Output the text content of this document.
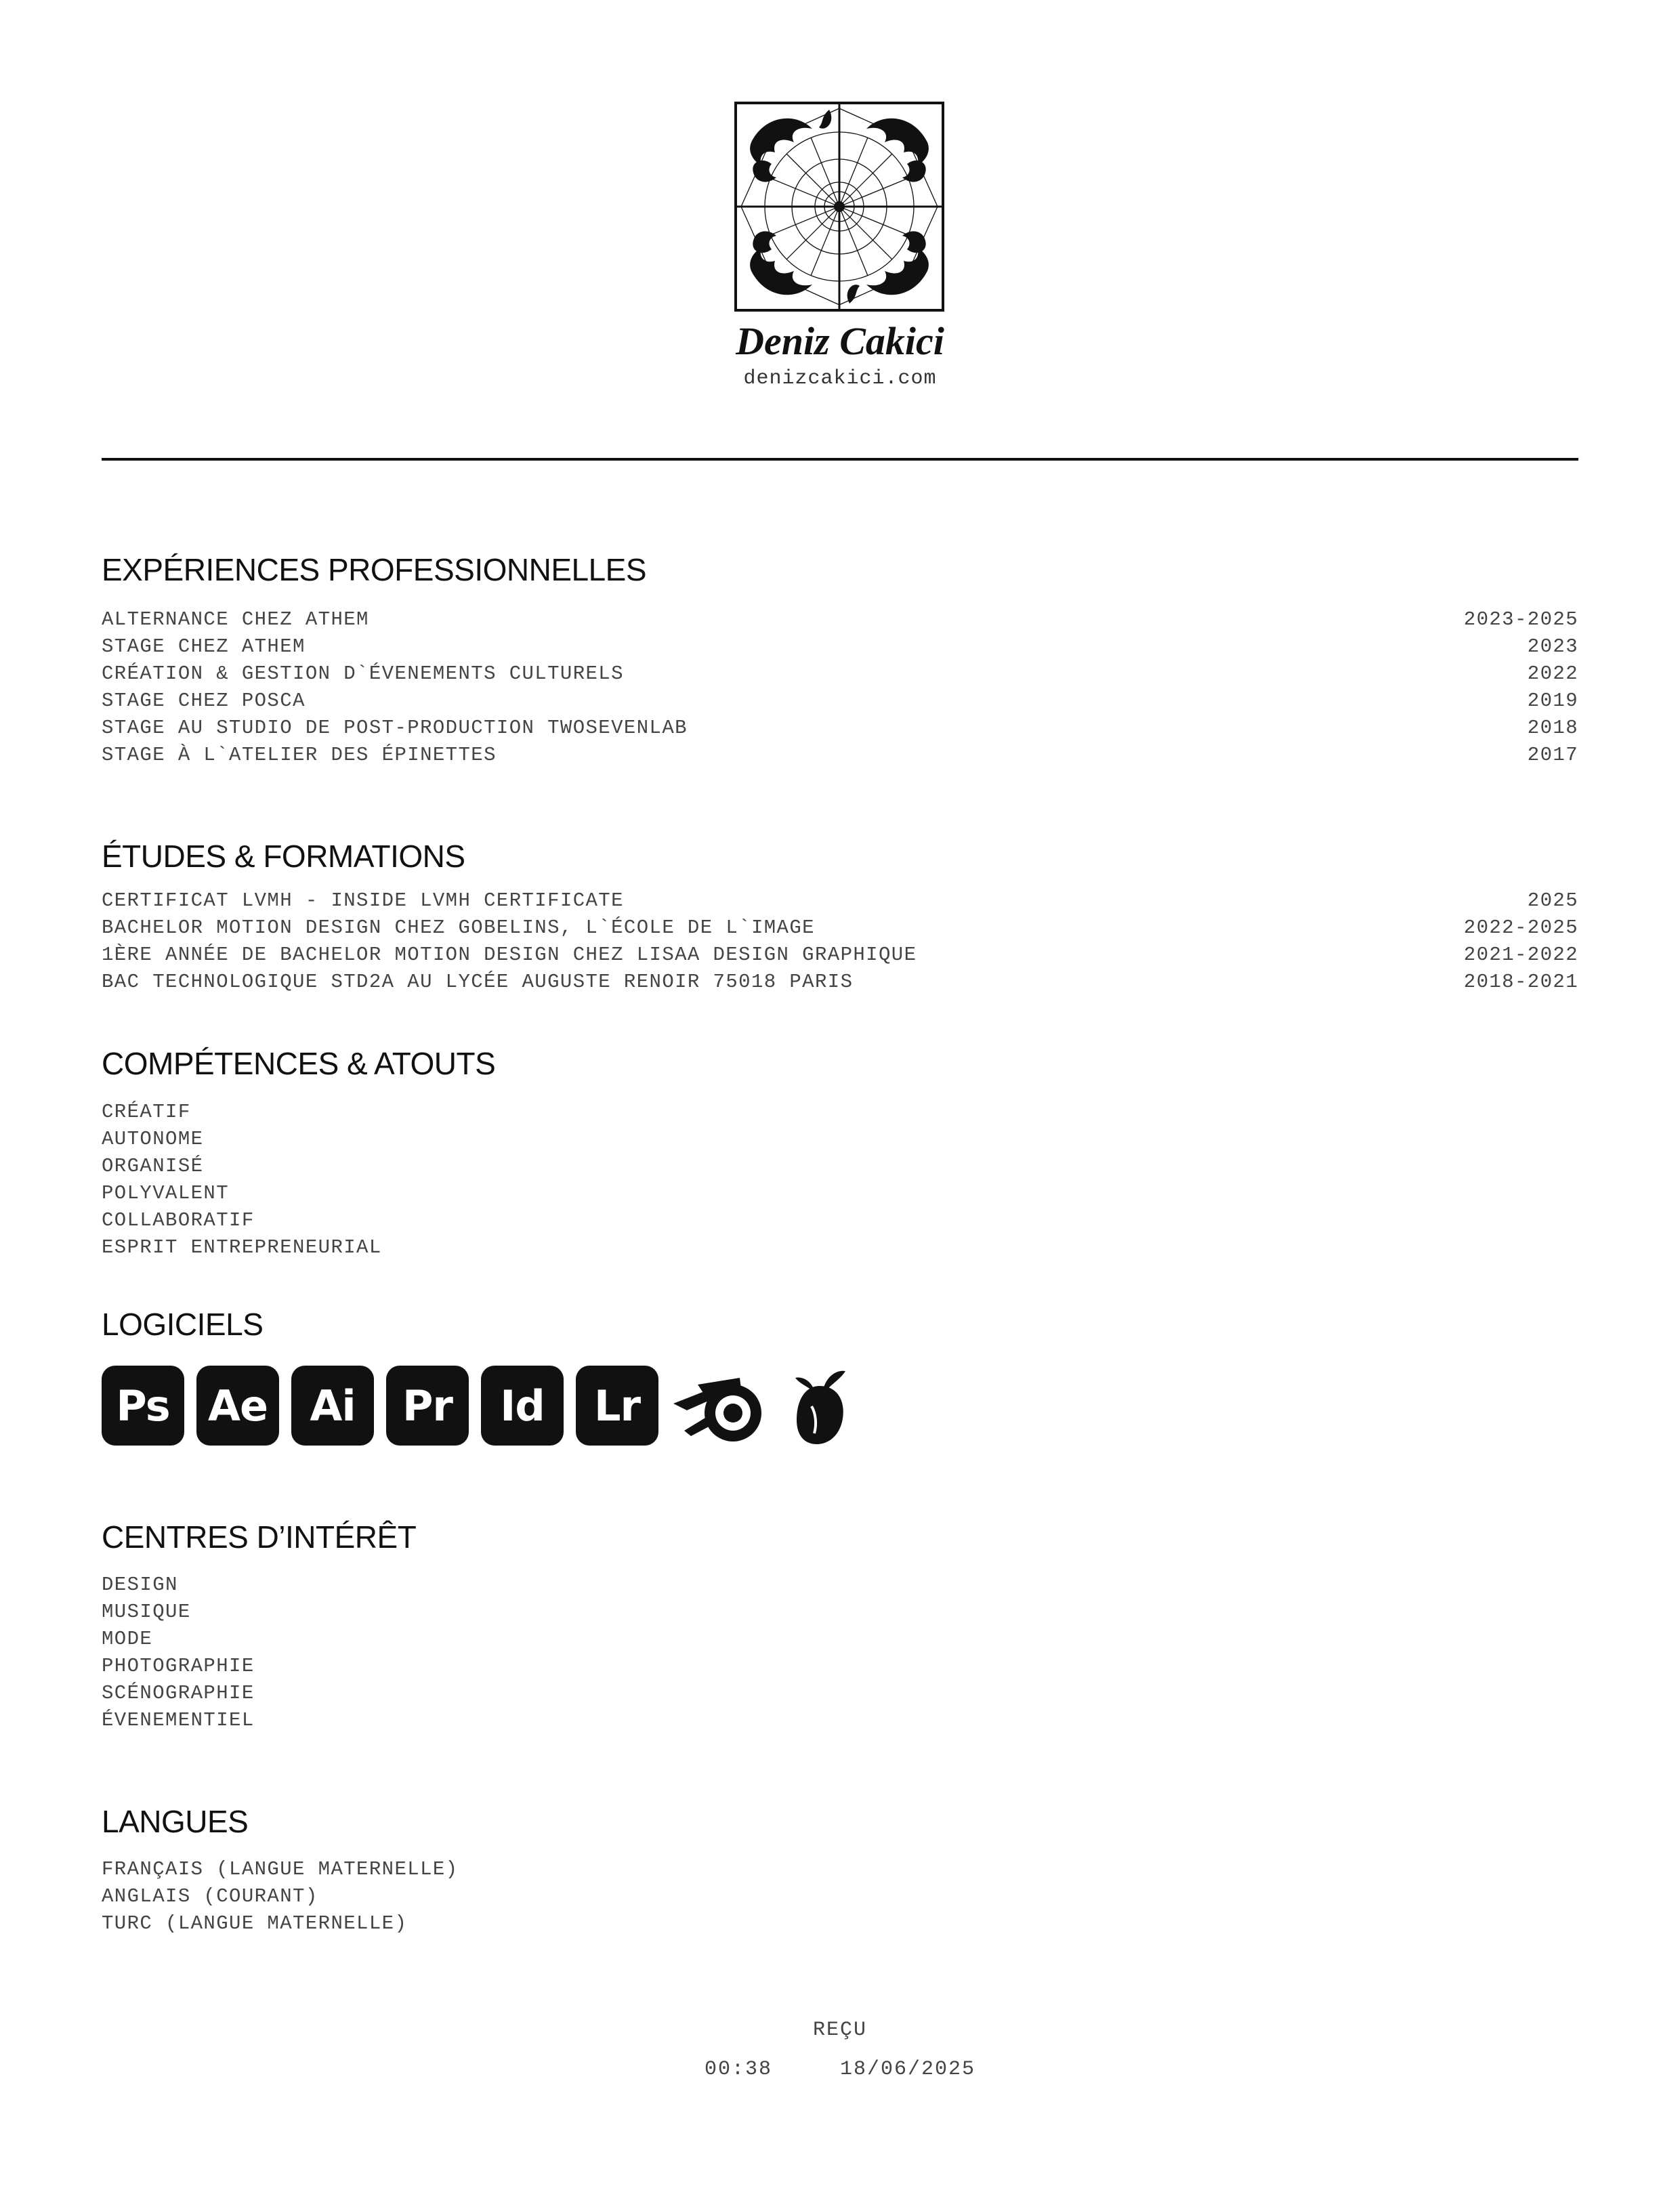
Deniz Cakici
denizcakici.com
EXPÉRIENCES PROFESSIONNELLES
ALTERNANCE CHEZ ATHEM	2023-2025
STAGE CHEZ ATHEM	2023
CRÉATION & GESTION D`ÉVENEMENTS CULTURELS	2022
STAGE CHEZ POSCA	2019
STAGE AU STUDIO DE POST-PRODUCTION TWOSEVENLAB	2018
STAGE À L`ATELIER DES ÉPINETTES	2017
ÉTUDES & FORMATIONS
CERTIFICAT LVMH - INSIDE LVMH CERTIFICATE	2025
BACHELOR MOTION DESIGN CHEZ GOBELINS, L`ÉCOLE DE L`IMAGE	2022-2025
1ÈRE ANNÉE DE BACHELOR MOTION DESIGN CHEZ LISAA DESIGN GRAPHIQUE	2021-2022
BAC TECHNOLOGIQUE STD2A AU LYCÉE AUGUSTE RENOIR 75018 PARIS	2018-2021
COMPÉTENCES & ATOUTS
CRÉATIF
AUTONOME
ORGANISÉ
POLYVALENT
COLLABORATIF
ESPRIT ENTREPRENEURIAL
LOGICIELS
Ps Ae	Ai	Pr	Id	Lr
CENTRES D’INTÉRÊT
DESIGN
MUSIQUE
MODE
PHOTOGRAPHIE
SCÉNOGRAPHIE
ÉVENEMENTIEL
LANGUES
FRANÇAIS (LANGUE MATERNELLE)
ANGLAIS (COURANT)
TURC (LANGUE MATERNELLE)
REÇU
00:38	18/06/2025
